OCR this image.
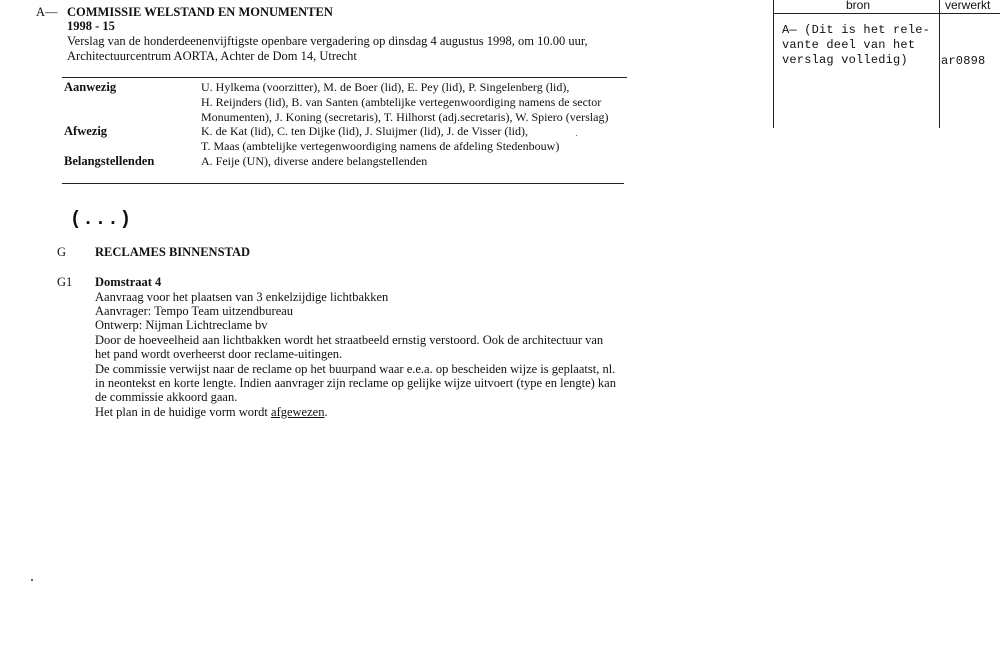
A— COMMISSIE WELSTAND EN MONUMENTEN
1998 - 15
Verslag van de honderdeenenvijftigste openbare vergadering op dinsdag 4 augustus 1998, om 10.00 uur,
Architectuurcentrum AORTA, Achter de Dom 14, Utrecht
Aanwezig	U. Hylkema (voorzitter), M. de Boer (lid), E. Pey (lid), P. Singelenberg (lid),
H. Reijnders (lid), B. van Santen (ambtelijke vertegenwoordiging namens de sector
Monumenten), J. Koning (secretaris), T. Hilhorst (adj.secretaris), W. Spiero (verslag)
Afwezig	K. de Kat (lid), C. ten Dijke (lid), J. Sluijmer (lid), J. de Visser (lid),
T. Maas (ambtelijke vertegenwoordiging namens de afdeling Stedenbouw)
Belangstellenden	A. Feije (UN), diverse andere belangstellenden
(...)
G RECLAMES BINNENSTAD
G1 Domstraat 4
Aanvraag voor het plaatsen van 3 enkelzijdige lichtbakken
Aanvrager: Tempo Team uitzendbureau
Ontwerp: Nijman Lichtreclame bv
Door de hoeveelheid aan lichtbakken wordt het straatbeeld ernstig verstoord. Ook de architectuur van
het pand wordt overheerst door reclame-uitingen.
De commissie verwijst naar de reclame op het buurpand waar e.e.a. op bescheiden wijze is geplaatst, nl.
in neontekst en korte lengte. Indien aanvrager zijn reclame op gelijke wijze uitvoert (type en lengte) kan
de commissie akkoord gaan.
Het plan in de huidige vorm wordt afgewezen.
bron	verwerkt
A— (Dit is het rele-
vante deel van het
verslag volledig)	ar0898
